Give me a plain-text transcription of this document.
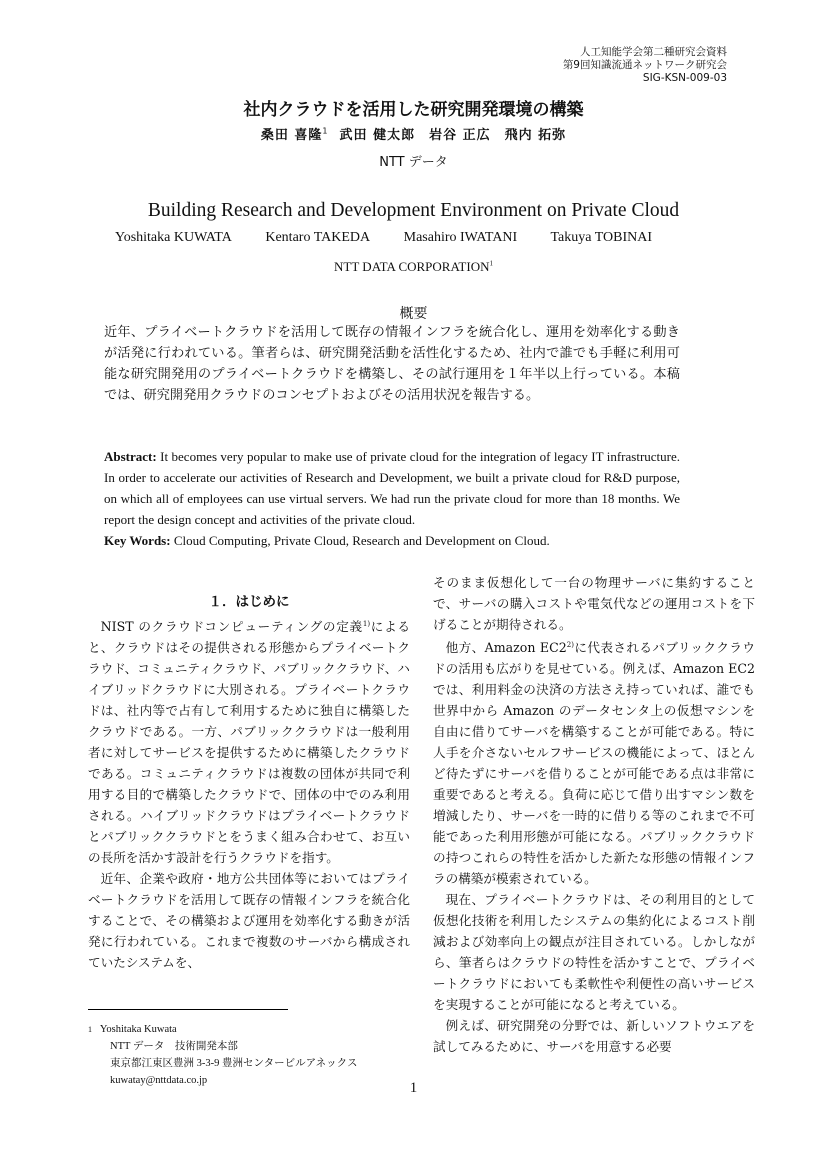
人工知能学会第二種研究会資料
第9回知識流通ネットワーク研究会
SIG-KSN-009-03
社内クラウドを活用した研究開発環境の構築
桑田 喜隆$^1$ 武田 健太郎　岩谷 正広　飛内 拓弥
NTT データ
Building Research and Development Environment on Private Cloud
Yoshitaka KUWATA Kentaro TAKEDA Masahiro IWATANI Takuya TOBINAI
NTT DATA CORPORATION$^1$
概要
近年、プライベートクラウドを活用して既存の情報インフラを統合化し、運用を効率化する動きが活発に行われている。筆者らは、研究開発活動を活性化するため、社内で誰でも手軽に利用可能な研究開発用のプライベートクラウドを構築し、その試行運用を１年半以上行っている。本稿では、研究開発用クラウドのコンセプトおよびその活用状況を報告する。
Abstract: It becomes very popular to make use of private cloud for the integration of legacy IT infrastructure. In order to accelerate our activities of Research and Development, we built a private cloud for R&D purpose, on which all of employees can use virtual servers. We had run the private cloud for more than 18 months. We report the design concept and activities of the private cloud.
Key Words: Cloud Computing, Private Cloud, Research and Development on Cloud.
１．はじめに

NIST のクラウドコンピューティングの定義$^{1)}$によると、クラウドはその提供される形態からプライベートクラウド、コミュニティクラウド、パブリッククラウド、ハイブリッドクラウドに大別される。プライベートクラウドは、社内等で占有して利用するために独自に構築したクラウドである。一方、パブリッククラウドは一般利用者に対してサービスを提供するために構築したクラウドである。コミュニティクラウドは複数の団体が共同で利用する目的で構築したクラウドで、団体の中でのみ利用される。ハイブリッドクラウドはプライベートクラウドとパブリッククラウドとをうまく組み合わせて、お互いの長所を活かす設計を行うクラウドを指す。

近年、企業や政府・地方公共団体等においてはプライベートクラウドを活用して既存の情報インフラを統合化することで、その構築および運用を効率化する動きが活発に行われている。これまで複数のサーバから構成されていたシステムを、

そのまま仮想化して一台の物理サーバに集約することで、サーバの購入コストや電気代などの運用コストを下げることが期待される。

他方、Amazon EC2$^{2)}$に代表されるパブリッククラウドの活用も広がりを見せている。例えば、Amazon EC2では、利用料金の決済の方法さえ持っていれば、誰でも世界中から Amazon のデータセンタ上の仮想マシンを自由に借りてサーバを構築することが可能である。特に人手を介さないセルフサービスの機能によって、ほとんど待たずにサーバを借りることが可能である点は非常に重要であると考える。負荷に応じて借り出すマシン数を増減したり、サーバを一時的に借りる等のこれまで不可能であった利用形態が可能になる。パブリッククラウドの持つこれらの特性を活かした新たな形態の情報インフラの構築が模索されている。

現在、プライベートクラウドは、その利用目的として仮想化技術を利用したシステムの集約化によるコスト削減および効率向上の観点が注目されている。しかしながら、筆者らはクラウドの特性を活かすことで、プライベートクラウドにおいても柔軟性や利便性の高いサービスを実現することが可能になると考えている。

例えば、研究開発の分野では、新しいソフトウエアを試してみるために、サーバを用意する必要

$^1$ Yoshitaka Kuwata
NTT データ　技術開発本部
東京都江東区豊洲 3-3-9 豊洲センタービルアネックス
kuwatay@nttdata.co.jp	1
